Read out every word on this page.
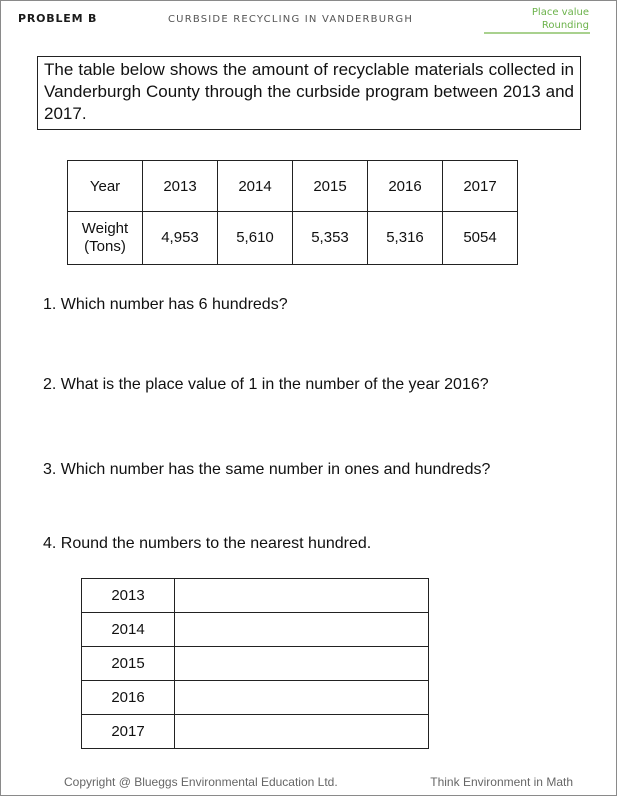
PROBLEM B	CURBSIDE RECYCLING IN VANDERBURGH
Place value
Rounding
The table below shows the amount of recyclable materials collected in Vanderburgh County through the curbside program between 2013 and 2017.
Year	2013	2014	2015	2016	2017

Weight
(Tons)	4,953	5,610	5,353	5,316	5054
1. Which number has 6 hundreds?
2. What is the place value of 1 in the number of the year 2016?
3. Which number has the same number in ones and hundreds?
4. Round the numbers to the nearest hundred.
2013	
2014	
2015	
2016	
2017	
Copyright @ Blueggs Environmental Education Ltd.	Think Environment in Math
